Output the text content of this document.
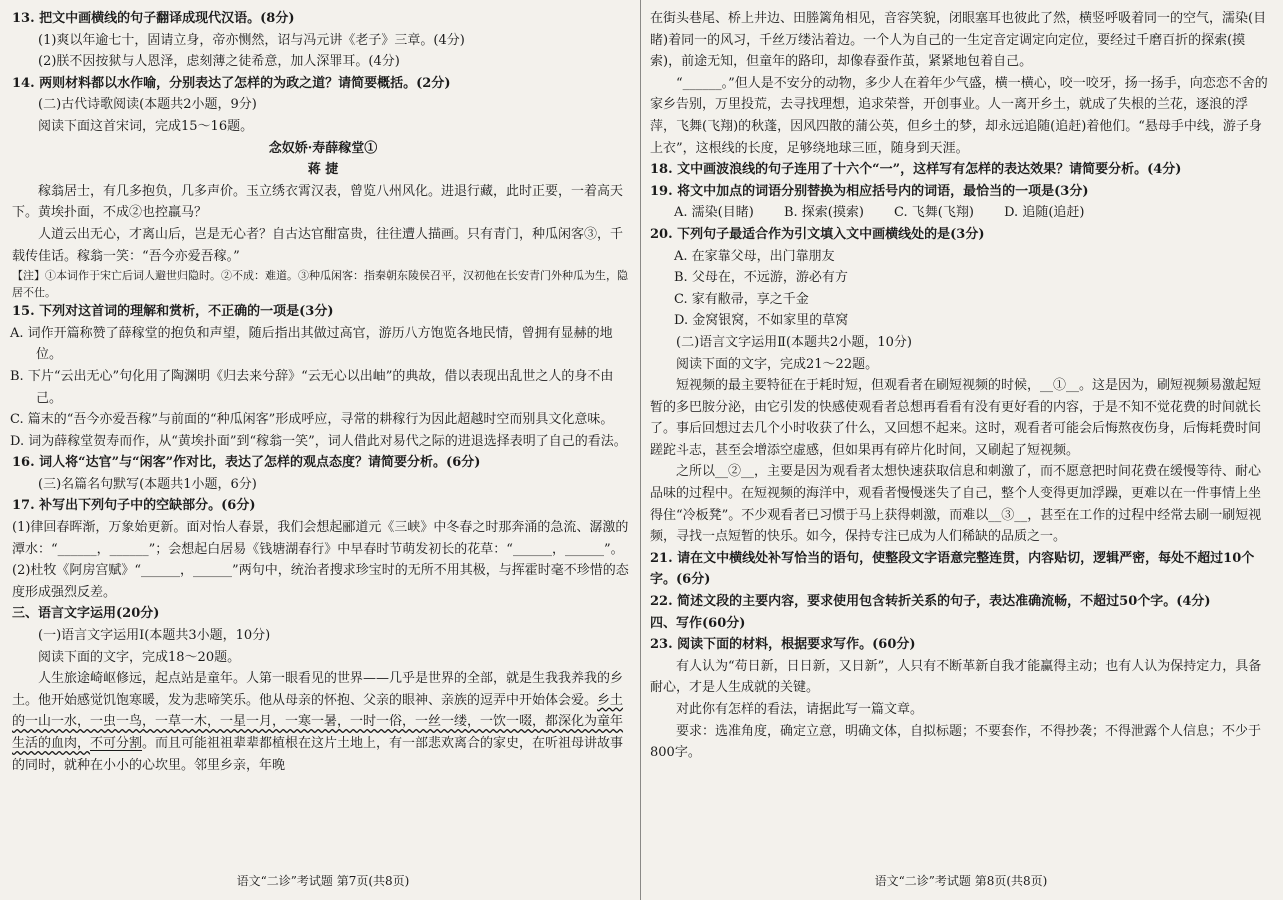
13. 把文中画横线的句子翻译成现代汉语。(8分)

(1)爽以年逾七十，固请立身，帝亦恻然，诏与冯元讲《老子》三章。(4分)

(2)朕不因按狱与人恩泽，虑刻薄之徒希意，加人深罪耳。(4分)

14. 两则材料都以水作喻，分别表达了怎样的为政之道？请简要概括。(2分)

(二)古代诗歌阅读(本题共2小题，9分)

阅读下面这首宋词，完成15～16题。

念奴娇·寿薛稼堂①

蒋 捷

稼翁居士，有几多抱负，几多声价。玉立绣衣霄汉表，曾览八州风化。进退行藏，此时正要，一着高天下。黄埃扑面，不成②也控羸马？

人道云出无心，才离山后，岂是无心者？自古达官酣富贵，往往遭人描画。只有青门，种瓜闲客③，千载传佳话。稼翁一笑：“吾今亦爱吾稼。”

【注】①本词作于宋亡后词人避世归隐时。②不成：难道。③种瓜闲客：指秦朝东陵侯召平，汉初他在长安青门外种瓜为生，隐居不仕。

15. 下列对这首词的理解和赏析，不正确的一项是(3分)

A. 词作开篇称赞了薛稼堂的抱负和声望，随后指出其做过高官，游历八方饱览各地民情，曾拥有显赫的地位。

B. 下片“云出无心”句化用了陶渊明《归去来兮辞》“云无心以出岫”的典故，借以表现出乱世之人的身不由己。

C. 篇末的“吾今亦爱吾稼”与前面的“种瓜闲客”形成呼应，寻常的耕稼行为因此超越时空而别具文化意味。

D. 词为薛稼堂贺寿而作，从“黄埃扑面”到“稼翁一笑”，词人借此对易代之际的进退选择表明了自己的看法。

16. 词人将“达官”与“闲客”作对比，表达了怎样的观点态度？请简要分析。(6分)

(三)名篇名句默写(本题共1小题，6分)

17. 补写出下列句子中的空缺部分。(6分)

(1)律回春晖渐，万象始更新。面对怡人春景，我们会想起郦道元《三峡》中冬春之时那奔涌的急流、潺激的潭水：“______，______”；会想起白居易《钱塘湖春行》中早春时节萌发初长的花草：“______，______”。

(2)杜牧《阿房宫赋》“______，______”两句中，统治者搜求珍宝时的无所不用其极，与挥霍时毫不珍惜的态度形成强烈反差。

三、语言文字运用(20分)

(一)语言文字运用Ⅰ(本题共3小题，10分)

阅读下面的文字，完成18～20题。

人生旅途崎岖修远，起点站是童年。人第一眼看见的世界——几乎是世界的全部，就是生我我养我的乡土。他开始感觉饥饱寒暖，发为悲啼笑乐。他从母亲的怀抱、父亲的眼神、亲族的逗弄中开始体会爱。乡土的一山一水，一虫一鸟，一草一木，一星一月，一寒一暑，一时一俗，一丝一缕，一饮一啜，都深化为童年生活的血肉，不可分割。而且可能祖祖辈辈都植根在这片土地上，有一部悲欢离合的家史，在听祖母讲故事的同时，就种在小小的心坎里。邻里乡亲，年晚

在街头巷尾、桥上井边、田塍篱角相见，音容笑貌，闭眼塞耳也彼此了然，横竖呼吸着同一的空气，濡染(目睹)着同一的风习，千丝万缕沾着边。一个人为自己的一生定音定调定向定位，要经过千磨百折的探索(摸索)，前途无知，但童年的路印，却像春蚕作茧，紧紧地包着自己。

“______。”但人是不安分的动物，多少人在着年少气盛，横一横心，咬一咬牙，扬一扬手，向恋恋不舍的家乡告别，万里投荒，去寻找理想，追求荣誉，开创事业。人一离开乡土，就成了失根的兰花，逐浪的浮萍，飞舞(飞翔)的秋蓬，因风四散的蒲公英，但乡土的梦，却永远追随(追赶)着他们。“悬母手中线，游子身上衣”，这根线的长度，足够绕地球三匝，随身到天涯。

18. 文中画波浪线的句子连用了十六个“一”，这样写有怎样的表达效果？请简要分析。(4分)

19. 将文中加点的词语分别替换为相应括号内的词语，最恰当的一项是(3分)

A. 濡染(目睹)   B. 探索(摸索)   C. 飞舞(飞翔)   D. 追随(追赶)

20. 下列句子最适合作为引文填入文中画横线处的是(3分)

A. 在家靠父母，出门靠朋友

B. 父母在，不远游，游必有方

C. 家有敝帚，享之千金

D. 金窝银窝，不如家里的草窝

(二)语言文字运用Ⅱ(本题共2小题，10分)

阅读下面的文字，完成21～22题。

短视频的最主要特征在于耗时短，但观看者在刷短视频的时候，__①__。这是因为，刷短视频易激起短暂的多巴胺分泌，由它引发的快感使观看者总想再看看有没有更好看的内容，于是不知不觉花费的时间就长了。事后回想过去几个小时收获了什么，又回想不起来。这时，观看者可能会后悔熬夜伤身，后悔耗费时间蹉跎斗志，甚至会增添空虚感，但如果再有碎片化时间，又刷起了短视频。

之所以__②__，主要是因为观看者太想快速获取信息和刺激了，而不愿意把时间花费在缓慢等待、耐心品味的过程中。在短视频的海洋中，观看者慢慢迷失了自己，整个人变得更加浮躁，更难以在一件事情上坐得住“冷板凳”。不少观看者已习惯于马上获得刺激，而难以__③__，甚至在工作的过程中经常去刷一刷短视频，寻找一点短暂的快乐。如今，保持专注已成为人们稀缺的品质之一。

21. 请在文中横线处补写恰当的语句，使整段文字语意完整连贯，内容贴切，逻辑严密，每处不超过10个字。(6分)

22. 简述文段的主要内容，要求使用包含转折关系的句子，表达准确流畅，不超过50个字。(4分)

四、写作(60分)

23. 阅读下面的材料，根据要求写作。(60分)

有人认为“苟日新，日日新，又日新”，人只有不断革新自我才能赢得主动；也有人认为保持定力，具备耐心，才是人生成就的关键。

对此你有怎样的看法，请据此写一篇文章。

要求：选准角度，确定立意，明确文体，自拟标题；不要套作，不得抄袭；不得泄露个人信息；不少于800字。

语文“二诊”考试题 第7页(共8页)	语文“二诊”考试题 第8页(共8页)
